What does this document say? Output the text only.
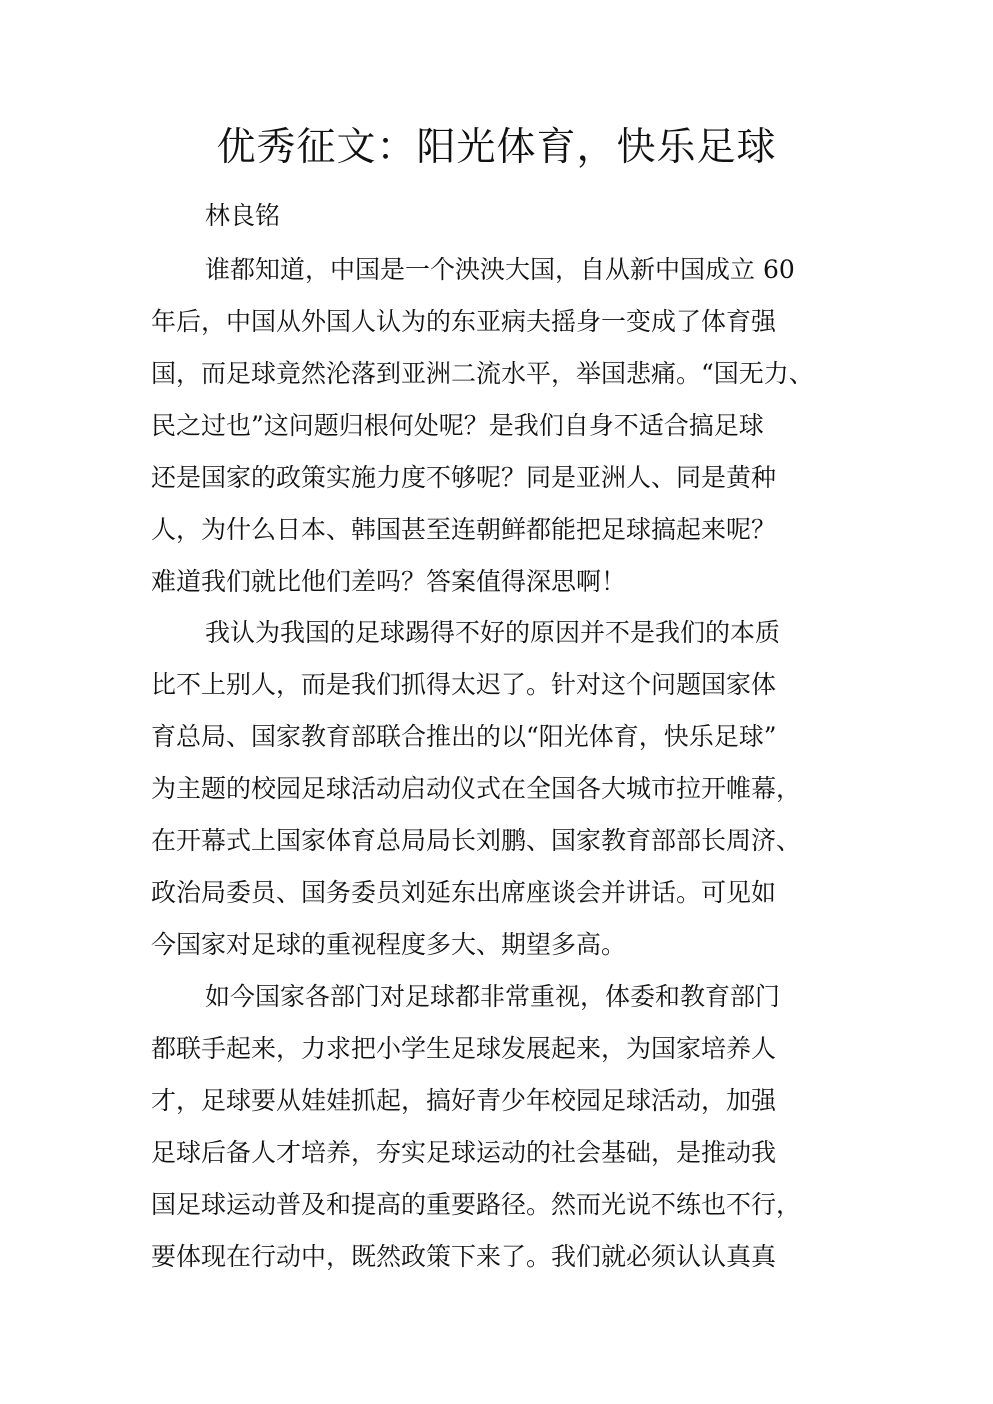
优秀征文：阳光体育，快乐足球

林良铭

谁都知道，中国是一个泱泱大国，自从新中国成立 60

年后，中国从外国人认为的东亚病夫摇身一变成了体育强

国，而足球竟然沦落到亚洲二流水平，举国悲痛。“国无力、

民之过也”这问题归根何处呢？是我们自身不适合搞足球

还是国家的政策实施力度不够呢？同是亚洲人、同是黄种

人，为什么日本、韩国甚至连朝鲜都能把足球搞起来呢？

难道我们就比他们差吗？答案值得深思啊！

我认为我国的足球踢得不好的原因并不是我们的本质

比不上别人，而是我们抓得太迟了。针对这个问题国家体

育总局、国家教育部联合推出的以“阳光体育，快乐足球”

为主题的校园足球活动启动仪式在全国各大城市拉开帷幕，

在开幕式上国家体育总局局长刘鹏、国家教育部部长周济、

政治局委员、国务委员刘延东出席座谈会并讲话。可见如

今国家对足球的重视程度多大、期望多高。

如今国家各部门对足球都非常重视，体委和教育部门

都联手起来，力求把小学生足球发展起来，为国家培养人

才，足球要从娃娃抓起，搞好青少年校园足球活动，加强

足球后备人才培养，夯实足球运动的社会基础，是推动我

国足球运动普及和提高的重要路径。然而光说不练也不行，

要体现在行动中，既然政策下来了。我们就必须认认真真
